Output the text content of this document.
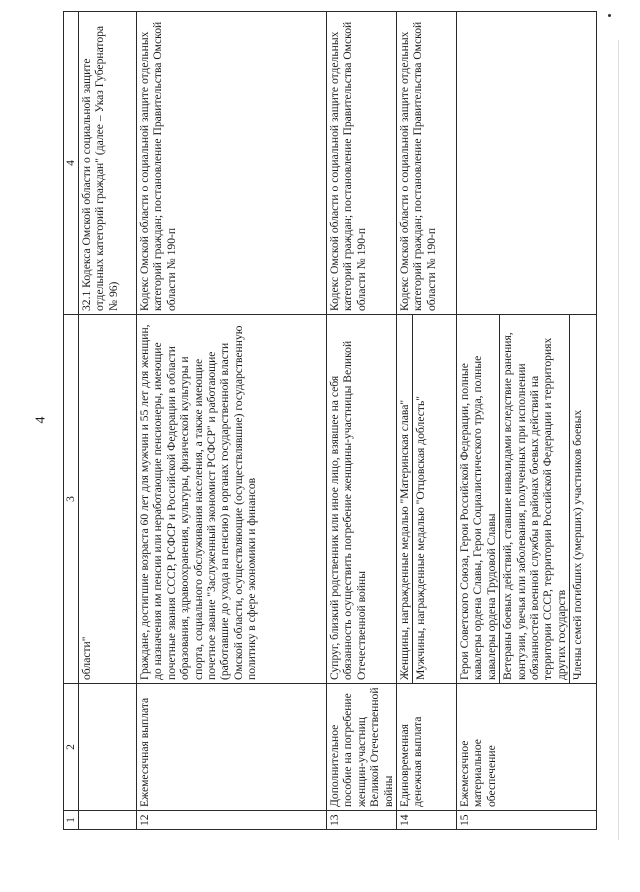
4
1	2	3	4
		области"	32.1 Кодекса Омской области о социальной защите отдельных категорий граждан" (далее – Указ Губернатора № 96)
12	Ежемесячная выплата	Граждане, достигшие возраста 60 лет для мужчин и 55 лет для женщин, до назначения им пенсии или неработающие пенсионеры, имеющие почетные звания СССР, РСФСР и Российской Федерации в области образования, здравоохранения, культуры, физической культуры и спорта, социального обслуживания населения, а также имеющие почетное звание "Заслуженный экономист РСФСР" и работающие (работавшие до ухода на пенсию) в органах государственной власти Омской области, осуществляющие (осуществлявшие) государственную политику в сфере экономики и финансов	Кодекс Омской области о социальной защите отдельных категорий граждан; постановление Правительства Омской области № 190-п
13	Дополнительное пособие на погребение женщин-участниц Великой Отечественной войны	Супруг, близкий родственник или иное лицо, взявшее на себя обязанность осуществить погребение женщины-участницы Великой Отечественной войны	Кодекс Омской области о социальной защите отдельных категорий граждан; постановление Правительства Омской области № 190-п
14	Единовременная денежная выплата	Женщины, награжденные медалью "Материнская слава" Мужчины, награжденные медалью "Отцовская доблесть"	Кодекс Омской области о социальной защите отдельных категорий граждан; постановление Правительства Омской области № 190-п
15	Ежемесячное материальное обеспечение	Герои Советского Союза, Герои Российской Федерации, полные кавалеры ордена Славы, Герои Социалистического труда, полные кавалеры ордена Трудовой Славы Ветераны боевых действий, ставшие инвалидами вследствие ранения, контузии, увечья или заболевания, полученных при исполнении обязанностей военной службы в районах боевых действий на территории СССР, территории Российской Федерации и территориях других государств Члены семей погибших (умерших) участников боевых	
